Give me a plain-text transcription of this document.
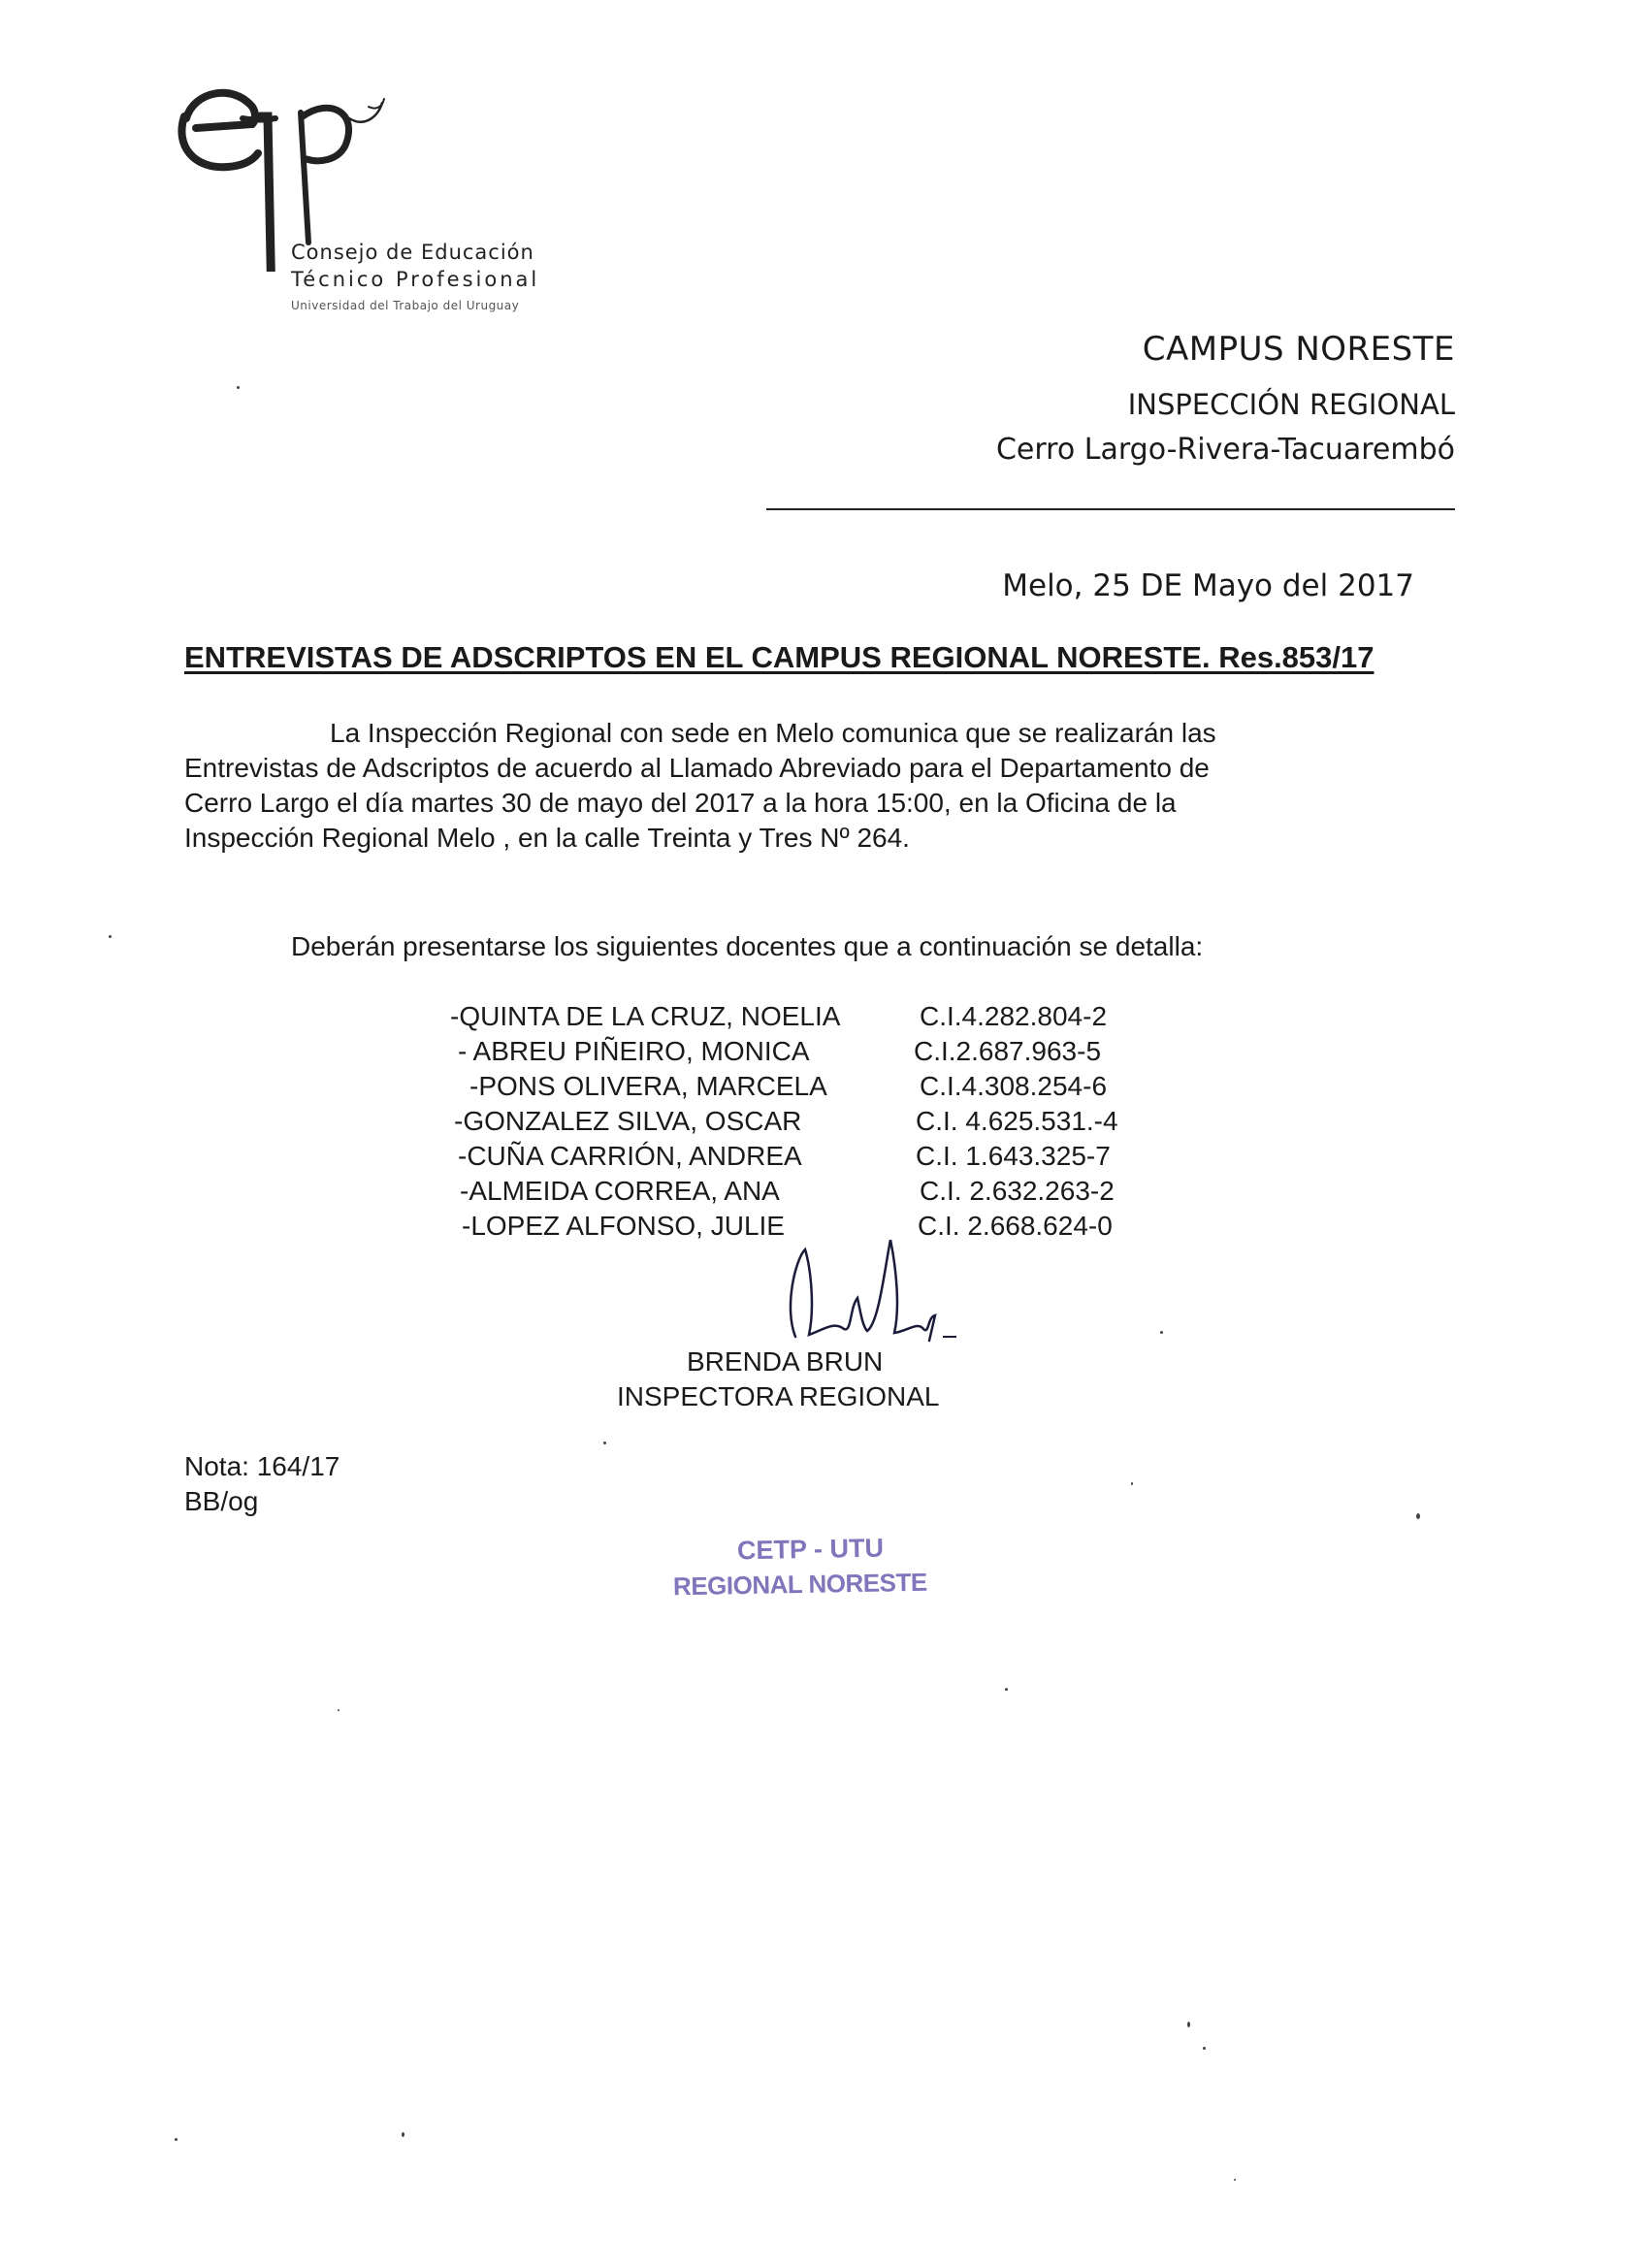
Consejo de Educación
Técnico Profesional
Universidad del Trabajo del Uruguay
CAMPUS NORESTE
INSPECCIÓN REGIONAL
Cerro Largo-Rivera-Tacuarembó
Melo, 25 DE Mayo del 2017
ENTREVISTAS DE ADSCRIPTOS EN EL CAMPUS REGIONAL NORESTE. Res.853/17
La Inspección Regional con sede en Melo comunica que se realizarán las
Entrevistas de Adscriptos de acuerdo al Llamado Abreviado para el Departamento de
Cerro Largo el día martes 30 de mayo del 2017 a la hora 15:00, en la Oficina de la
Inspección Regional Melo , en la calle Treinta y Tres Nº 264.
Deberán presentarse los siguientes docentes que a continuación se detalla:
-QUINTA DE LA CRUZ, NOELIA	C.I.4.282.804-2
- ABREU PIÑEIRO, MONICA	C.I.2.687.963-5
-PONS OLIVERA, MARCELA	C.I.4.308.254-6
-GONZALEZ SILVA, OSCAR	C.I. 4.625.531.-4
-CUÑA CARRIÓN, ANDREA	C.I. 1.643.325-7
-ALMEIDA CORREA, ANA	C.I. 2.632.263-2
-LOPEZ ALFONSO, JULIE	C.I. 2.668.624-0
BRENDA BRUN
INSPECTORA REGIONAL
Nota: 164/17
BB/og
CETP - UTU
REGIONAL NORESTE
